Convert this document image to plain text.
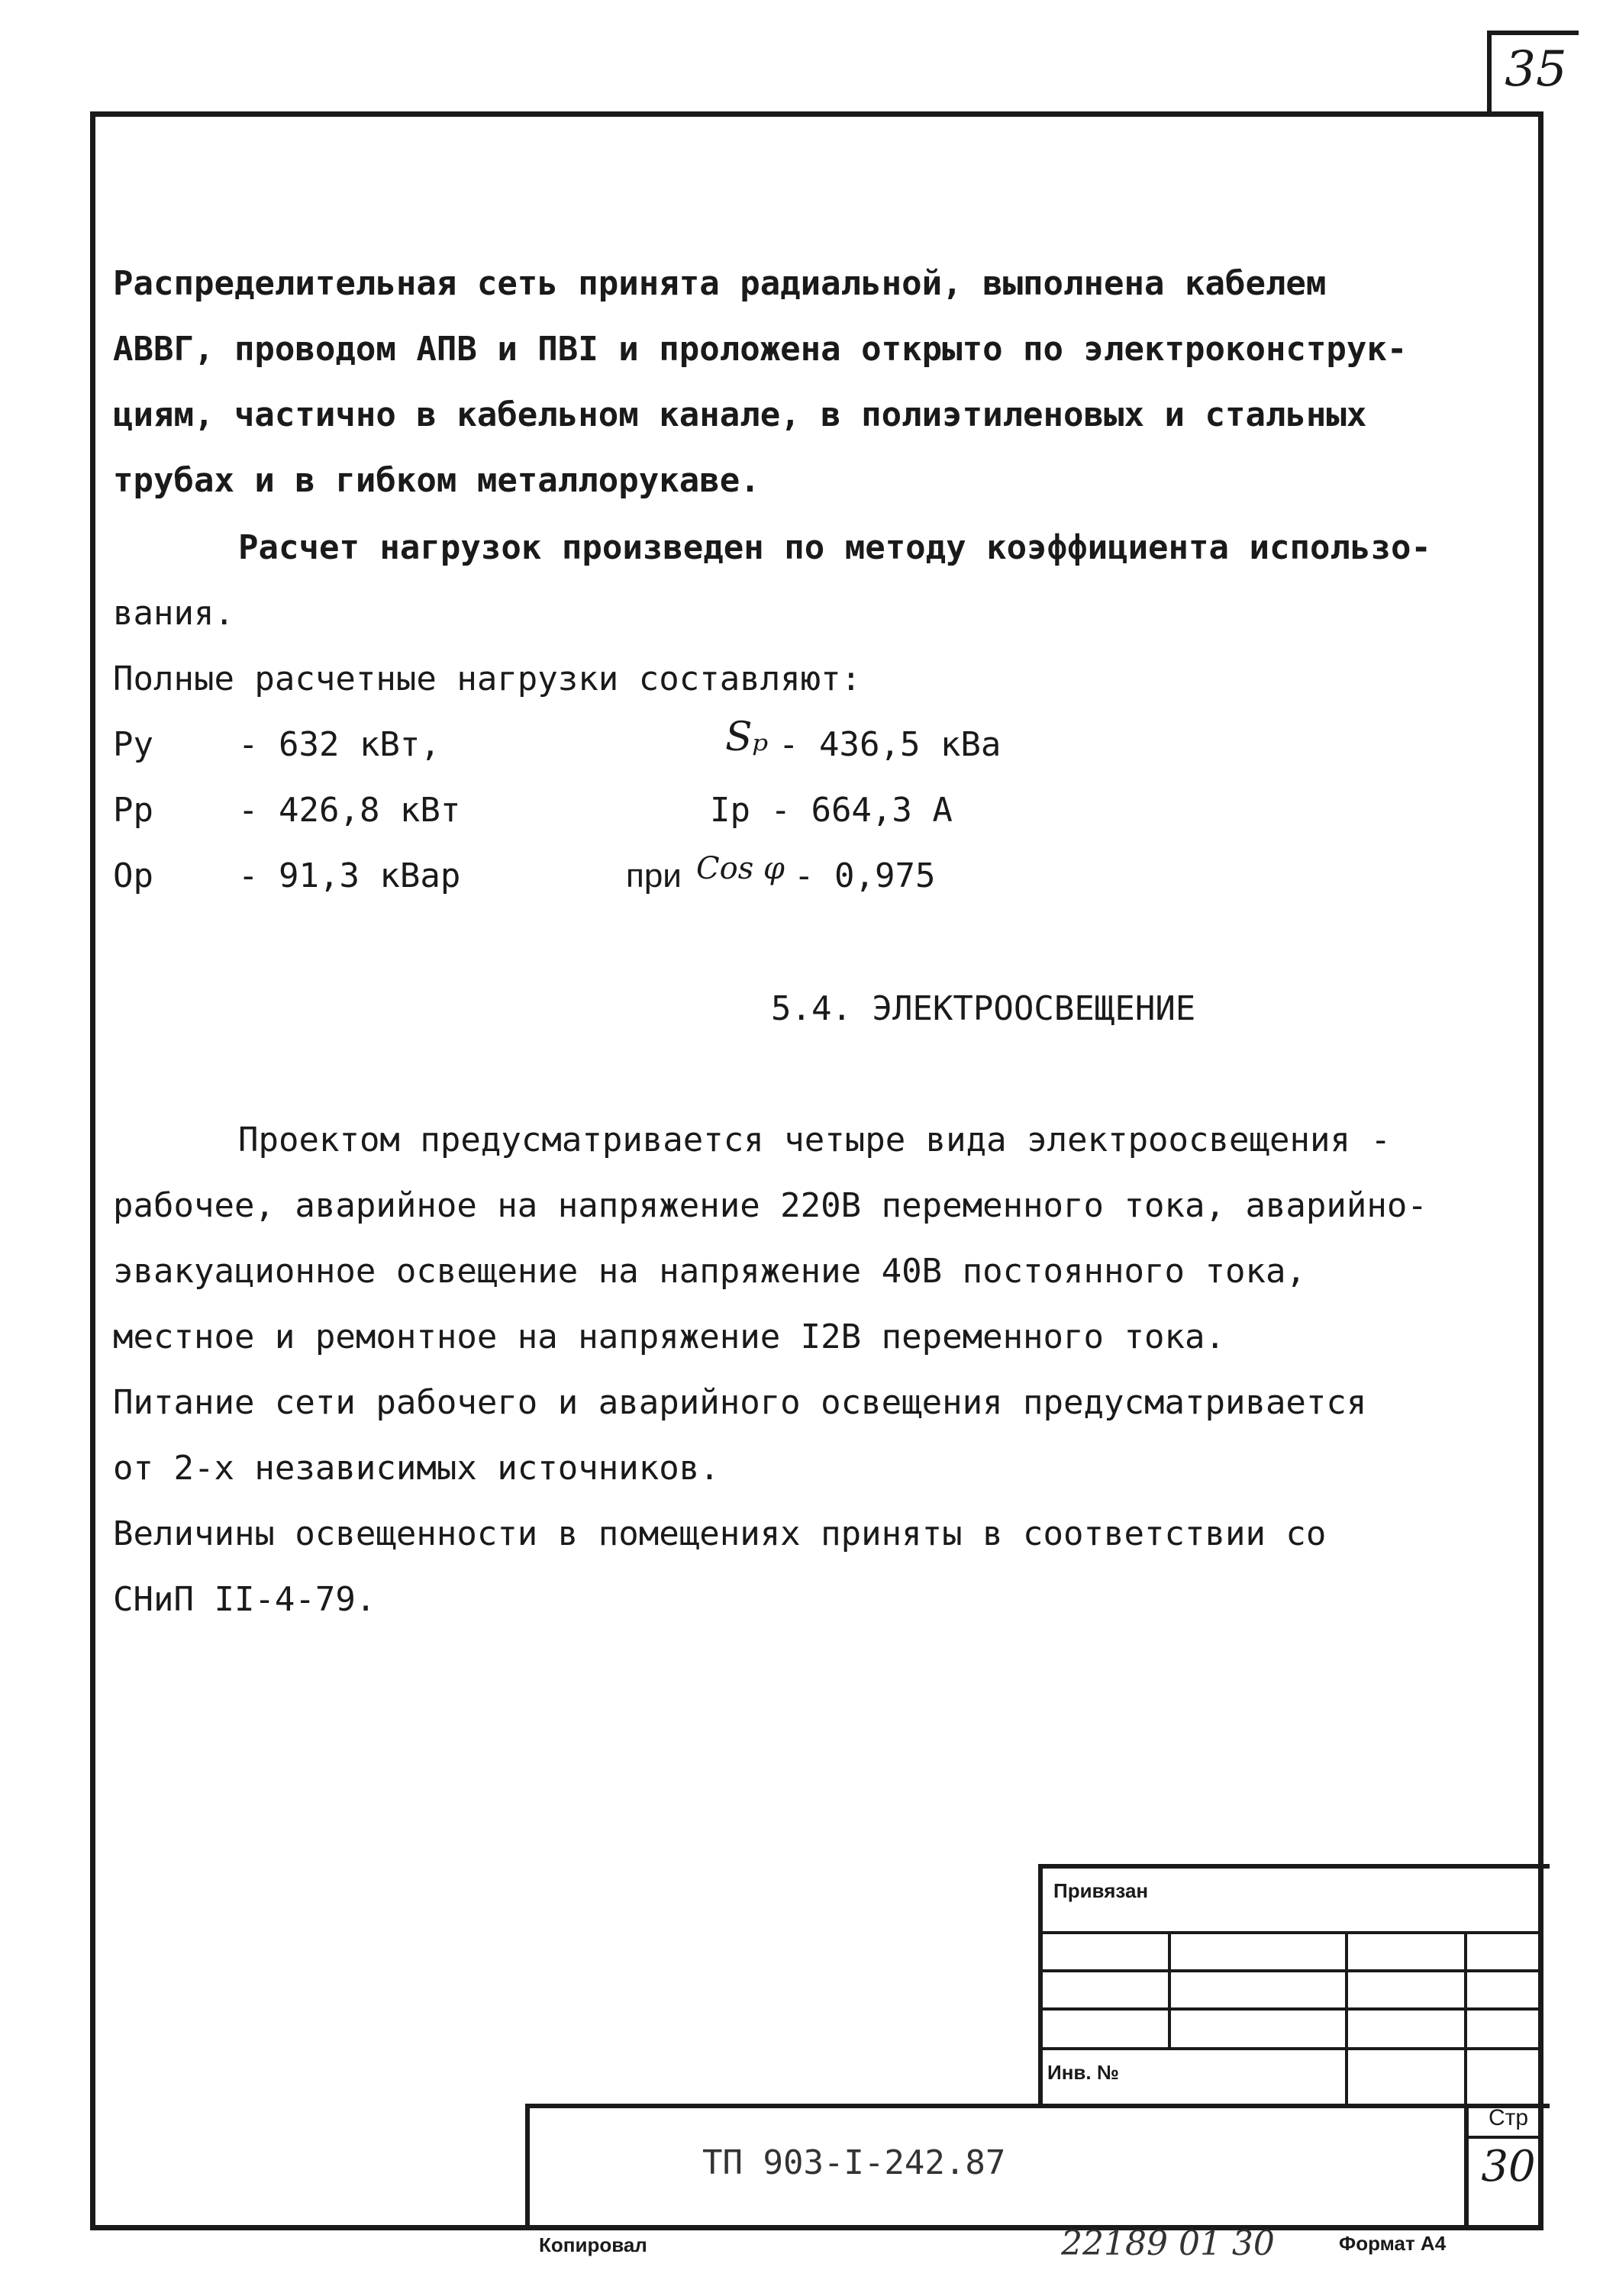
35
Распределительная сеть принята радиальной, выполнена кабелем
АВВГ, проводом АПВ и ПВI и проложена открыто по электроконструк-
циям, частично в кабельном канале, в полиэтиленовых и стальных
трубах и в гибком металлорукаве.
Расчет нагрузок произведен по методу коэффициента использо-
вания.
Полные расчетные нагрузки составляют:
Ру	- 632 кВт,	Sₚ - 436,5 кВа
Рр	- 426,8 кВт	Ip - 664,3 А
Ор	- 91,3 кВар	при Cos φ - 0,975
5.4. ЭЛЕКТРООСВЕЩЕНИЕ
Проектом предусматривается четыре вида электроосвещения -
рабочее, аварийное на напряжение 220В переменного тока, аварийно-
эвакуационное освещение на напряжение 40В постоянного тока,
местное и ремонтное на напряжение I2В переменного тока.
Питание сети рабочего и аварийного освещения предусматривается
от 2-х независимых источников.
Величины освещенности в помещениях приняты в соответствии со
СНиП II-4-79.
Привязан
Инв. №
ТП 903-I-242.87
Стр
30
Копировал	22189 01 30	Формат А4
